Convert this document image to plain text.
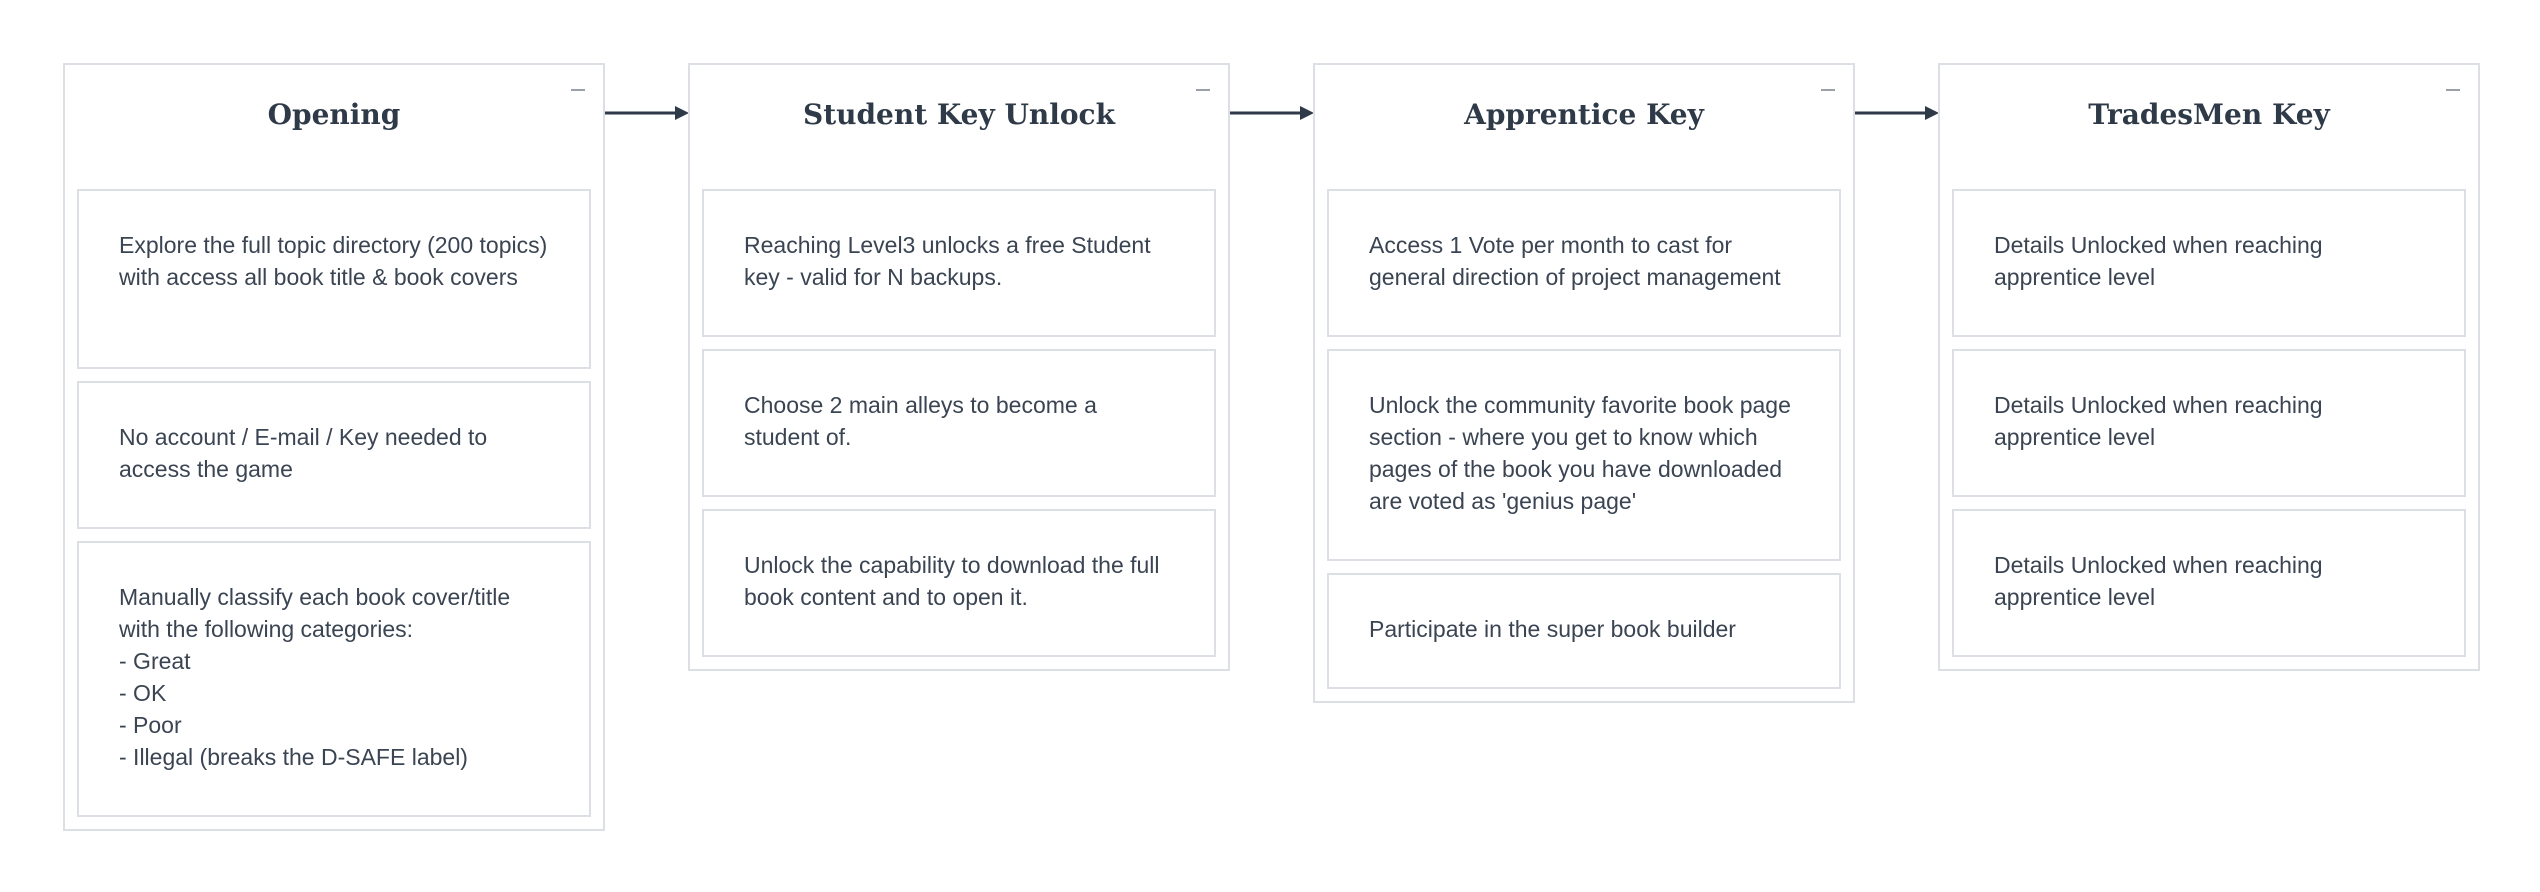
Opening
Explore the full topic directory (200 topics) with access all book title & book covers
No account / E-mail / Key needed to access the game
Manually classify each book cover/title with the following categories:
- Great
- OK
- Poor
- Illegal (breaks the D-SAFE label)
Student Key Unlock
Reaching Level3 unlocks a free Student key - valid for N backups.
Choose 2 main alleys to become a student of.
Unlock the capability to download the full book content and to open it.
Apprentice Key
Access 1 Vote per month to cast for general direction of project management
Unlock the community favorite book page section - where you get to know which pages of the book you have downloaded are voted as 'genius page'
Participate in the super book builder
TradesMen Key
Details Unlocked when reaching apprentice level
Details Unlocked when reaching apprentice level
Details Unlocked when reaching apprentice level
